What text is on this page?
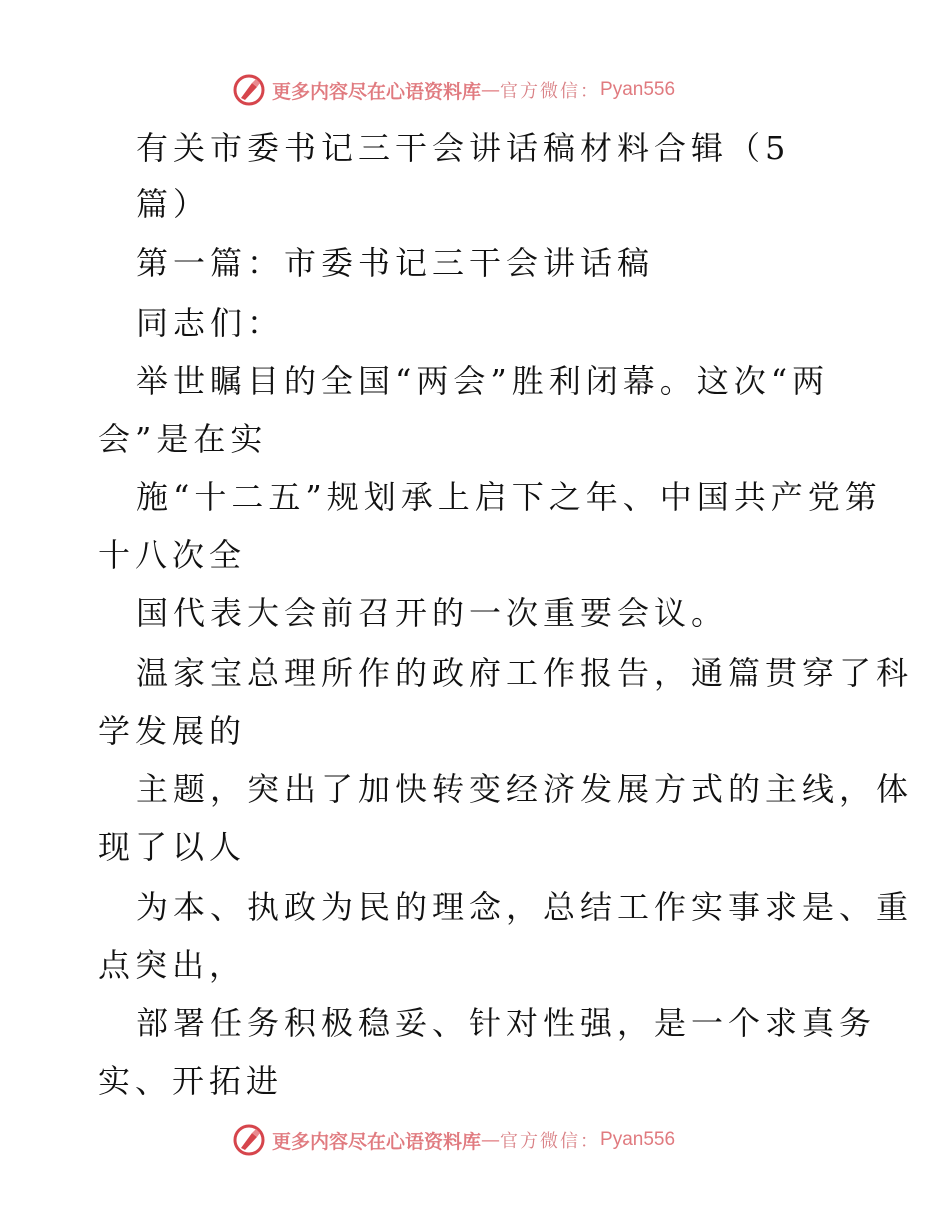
更多内容尽在心语资料库 — 官方微信： Pyan556
有关市委书记三干会讲话稿材料合辑（5
篇）
第一篇：市委书记三干会讲话稿
同志们：
举世瞩目的全国“两会”胜利闭幕。这次“两
会”是在实
施“十二五”规划承上启下之年、中国共产党第
十八次全
国代表大会前召开的一次重要会议。
温家宝总理所作的政府工作报告，通篇贯穿了科
学发展的
主题，突出了加快转变经济发展方式的主线，体
现了以人
为本、执政为民的理念，总结工作实事求是、重
点突出，
部署任务积极稳妥、针对性强，是一个求真务
实、开拓进
更多内容尽在心语资料库 — 官方微信： Pyan556
